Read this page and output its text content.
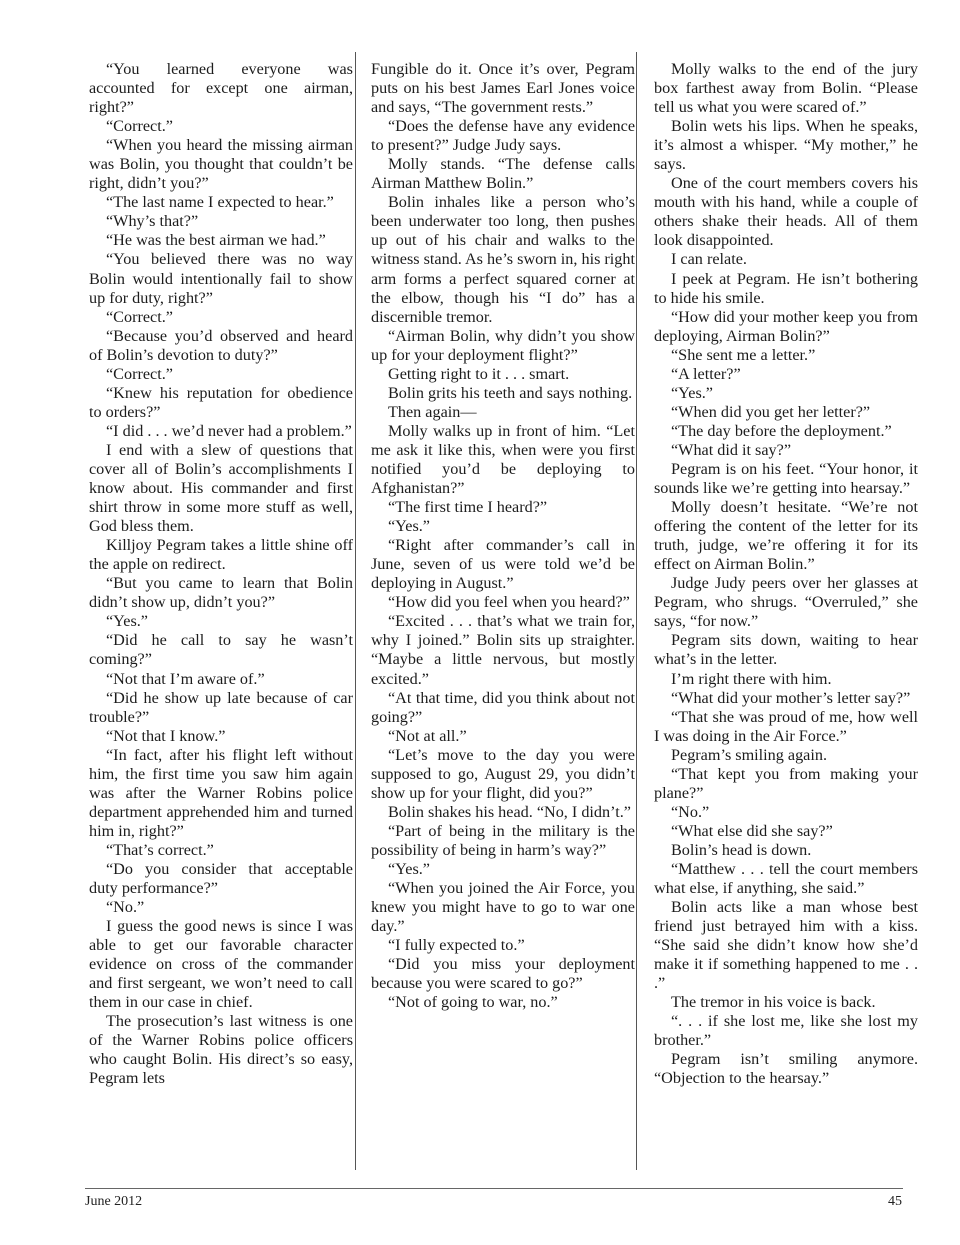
“You learned everyone was accounted for except one airman, right?”

“Correct.”

“When you heard the missing airman was Bolin, you thought that couldn’t be right, didn’t you?”

“The last name I expected to hear.”

“Why’s that?”

“He was the best airman we had.”

“You believed there was no way Bolin would intentionally fail to show up for duty, right?”

“Correct.”

“Because you’d observed and heard of Bolin’s devotion to duty?”

“Correct.”

“Knew his reputation for obedience to orders?”

“I did . . . we’d never had a problem.”

I end with a slew of questions that cover all of Bolin’s accomplishments I know about. His commander and first shirt throw in some more stuff as well, God bless them.

Killjoy Pegram takes a little shine off the apple on redirect.

“But you came to learn that Bolin didn’t show up, didn’t you?”

“Yes.”

“Did he call to say he wasn’t coming?”

“Not that I’m aware of.”

“Did he show up late because of car trouble?”

“Not that I know.”

“In fact, after his flight left without him, the first time you saw him again was after the Warner Robins police department apprehended him and turned him in, right?”

“That’s correct.”

“Do you consider that acceptable duty performance?”

“No.”

I guess the good news is since I was able to get our favorable character evidence on cross of the commander and first sergeant, we won’t need to call them in our case in chief.

The prosecution’s last witness is one of the Warner Robins police officers who caught Bolin. His direct’s so easy, Pegram lets

Fungible do it. Once it’s over, Pegram puts on his best James Earl Jones voice and says, “The government rests.”

“Does the defense have any evidence to present?” Judge Judy says.

Molly stands. “The defense calls Airman Matthew Bolin.”

Bolin inhales like a person who’s been underwater too long, then pushes up out of his chair and walks to the witness stand. As he’s sworn in, his right arm forms a perfect squared corner at the elbow, though his “I do” has a discernible tremor.

“Airman Bolin, why didn’t you show up for your deployment flight?”

Getting right to it . . . smart.

Bolin grits his teeth and says nothing.

Then again—

Molly walks up in front of him. “Let me ask it like this, when were you first notified you’d be deploying to Afghanistan?”

“The first time I heard?”

“Yes.”

“Right after commander’s call in June, seven of us were told we’d be deploying in August.”

“How did you feel when you heard?”

“Excited . . . that’s what we train for, why I joined.” Bolin sits up straighter. “Maybe a little nervous, but mostly excited.”

“At that time, did you think about not going?”

“Not at all.”

“Let’s move to the day you were supposed to go, August 29, you didn’t show up for your flight, did you?”

Bolin shakes his head. “No, I didn’t.”

“Part of being in the military is the possibility of being in harm’s way?”

“Yes.”

“When you joined the Air Force, you knew you might have to go to war one day.”

“I fully expected to.”

“Did you miss your deployment because you were scared to go?”

“Not of going to war, no.”

Molly walks to the end of the jury box farthest away from Bolin. “Please tell us what you were scared of.”

Bolin wets his lips. When he speaks, it’s almost a whisper. “My mother,” he says.

One of the court members covers his mouth with his hand, while a couple of others shake their heads. All of them look disappointed.

I can relate.

I peek at Pegram. He isn’t bothering to hide his smile.

“How did your mother keep you from deploying, Airman Bolin?”

“She sent me a letter.”

“A letter?”

“Yes.”

“When did you get her letter?”

“The day before the deployment.”

“What did it say?”

Pegram is on his feet. “Your honor, it sounds like we’re getting into hearsay.”

Molly doesn’t hesitate. “We’re not offering the content of the letter for its truth, judge, we’re offering it for its effect on Airman Bolin.”

Judge Judy peers over her glasses at Pegram, who shrugs. “Overruled,” she says, “for now.”

Pegram sits down, waiting to hear what’s in the letter.

I’m right there with him.

“What did your mother’s letter say?”

“That she was proud of me, how well I was doing in the Air Force.”

Pegram’s smiling again.

“That kept you from making your plane?”

“No.”

“What else did she say?”

Bolin’s head is down.

“Matthew . . . tell the court members what else, if anything, she said.”

Bolin acts like a man whose best friend just betrayed him with a kiss. “She said she didn’t know how she’d make it if something happened to me . . .”

The tremor in his voice is back.

“. . . if she lost me, like she lost my brother.”

Pegram isn’t smiling anymore. “Objection to the hearsay.”

June 2012	45
